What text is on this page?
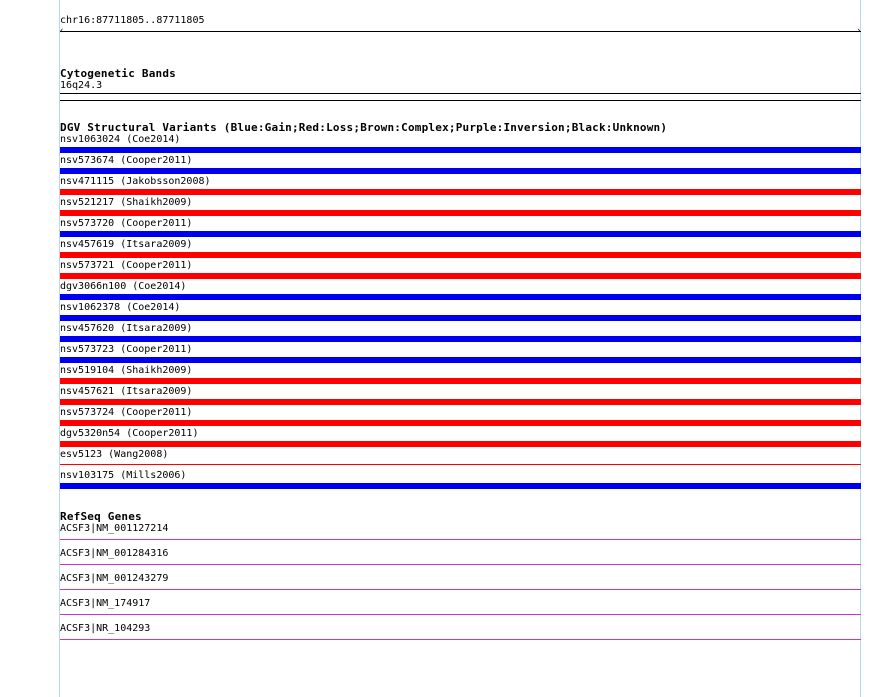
chr16:87711805..87711805
›
Cytogenetic Bands
16q24.3
DGV Structural Variants (Blue:Gain;Red:Loss;Brown:Complex;Purple:Inversion;Black:Unknown)
nsv1063024 (Coe2014)
nsv573674 (Cooper2011)
nsv471115 (Jakobsson2008)
nsv521217 (Shaikh2009)
nsv573720 (Cooper2011)
nsv457619 (Itsara2009)
nsv573721 (Cooper2011)
dgv3066n100 (Coe2014)
nsv1062378 (Coe2014)
nsv457620 (Itsara2009)
nsv573723 (Cooper2011)
nsv519104 (Shaikh2009)
nsv457621 (Itsara2009)
nsv573724 (Cooper2011)
dgv5320n54 (Cooper2011)
esv5123 (Wang2008)
nsv103175 (Mills2006)
RefSeq Genes
ACSF3|NM_001127214
ACSF3|NM_001284316
ACSF3|NM_001243279
ACSF3|NM_174917
ACSF3|NR_104293
